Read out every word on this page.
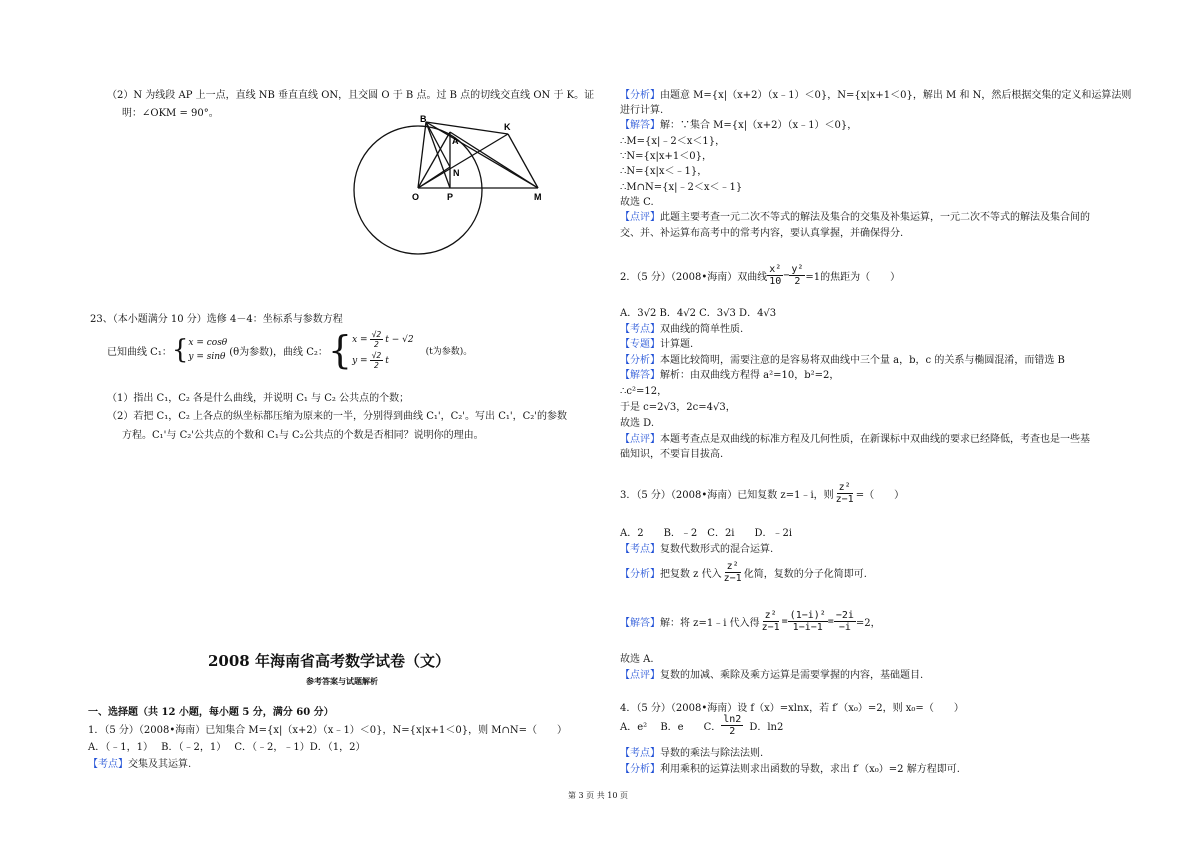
（2）N 为线段 AP 上一点，直线 NB 垂直直线 ON，且交圆 O 于 B 点。过 B 点的切线交直线 ON 于 K。证
明：∠OKM = 90°。	B
A
K
N
O	P	M
23、（本小题满分 10 分）选修 4－4：坐标系与参数方程
已知曲线 C₁： { x = cosθ
y = sinθ (θ为参数)，曲线 C₂： { $x = \frac{√2}{2}$ t − √2
$y = \frac{√2}{2}$ t
(t为参数)。
（1）指出 C₁，C₂ 各是什么曲线，并说明 C₁ 与 C₂ 公共点的个数；
（2）若把 C₁，C₂ 上各点的纵坐标都压缩为原来的一半，分别得到曲线 C₁'，C₂'。写出 C₁'，C₂'的参数
方程。C₁'与 C₂'公共点的个数和 C₁与 C₂公共点的个数是否相同？说明你的理由。
2008 年海南省高考数学试卷（文）
参考答案与试题解析
一、选择题（共 12 小题，每小题 5 分，满分 60 分）
1．（5 分）（2008•海南）已知集合 M={x|（x+2）（x﹣1）＜0}，N={x|x+1＜0}，则 M∩N=（　　）
A．（﹣1，1）　 B．（﹣2，1）　 C．（﹣2，﹣1）D．（1，2）
【考点】交集及其运算.
【分析】由题意 M={x|（x+2）（x﹣1）＜0}，N={x|x+1＜0}，解出 M 和 N，然后根据交集的定义和运算法则
进行计算.
【解答】解：∵集合 M={x|（x+2）（x﹣1）＜0}，
∴M={x|﹣2＜x＜1}，
∵N={x|x+1＜0}，
∴N={x|x＜﹣1}，
∴M∩N={x|﹣2＜x＜﹣1}
故选 C.
【点评】此题主要考查一元二次不等式的解法及集合的交集及补集运算，一元二次不等式的解法及集合间的
交、并、补运算布高考中的常考内容，要认真掌握，并确保得分.
2．（5 分）（2008•海南）双曲线 $\frac{\text{x²}}{10} - \frac{\text{y²}}{2} =1$的焦距为（　　）
A．3√2 B．4√2 C．3√3 D．4√3
【考点】双曲线的简单性质.
【专题】计算题.
【分析】本题比较简明，需要注意的是容易将双曲线中三个量 a，b，c 的关系与椭圆混淆，而错选 B
【解答】解析：由双曲线方程得 a²=10，b²=2，
∴c²=12，
于是 c=2√3，2c=4√3，
故选 D.
【点评】本题考查点是双曲线的标准方程及几何性质，在新课标中双曲线的要求已经降低，考查也是一些基
础知识，不要盲目拔高.
3．（5 分）（2008•海南）已知复数 z=1﹣i，则 $\frac{\text{z²}}{z-1}$ =（　　）
A．2　　B．﹣2　C．2i　　D．﹣2i
【考点】复数代数形式的混合运算.
【分析】 把复数 z 代入 $\frac{\text{z²}}{z-1}$ 化简，复数的分子化简即可.
【解答】 解：将 z=1﹣i 代入得 $\frac{\text{z²}}{z-1} = \frac{\text{(1−i)²}}{1-i-1} = \frac{-2i}{-i} =2$，
故选 A.
【点评】复数的加减、乘除及乘方运算是需要掌握的内容，基础题目.
4．（5 分）（2008•海南）设 f（x）=xlnx，若 f′（x₀）=2，则 x₀=（　　）
A．e²　 B．e　　C． $\frac{\ln 2}{2}$ D．ln2
【考点】导数的乘法与除法法则.
【分析】利用乘积的运算法则求出函数的导数，求出 f′（x₀）=2 解方程即可.
第 3 页 共 10 页
